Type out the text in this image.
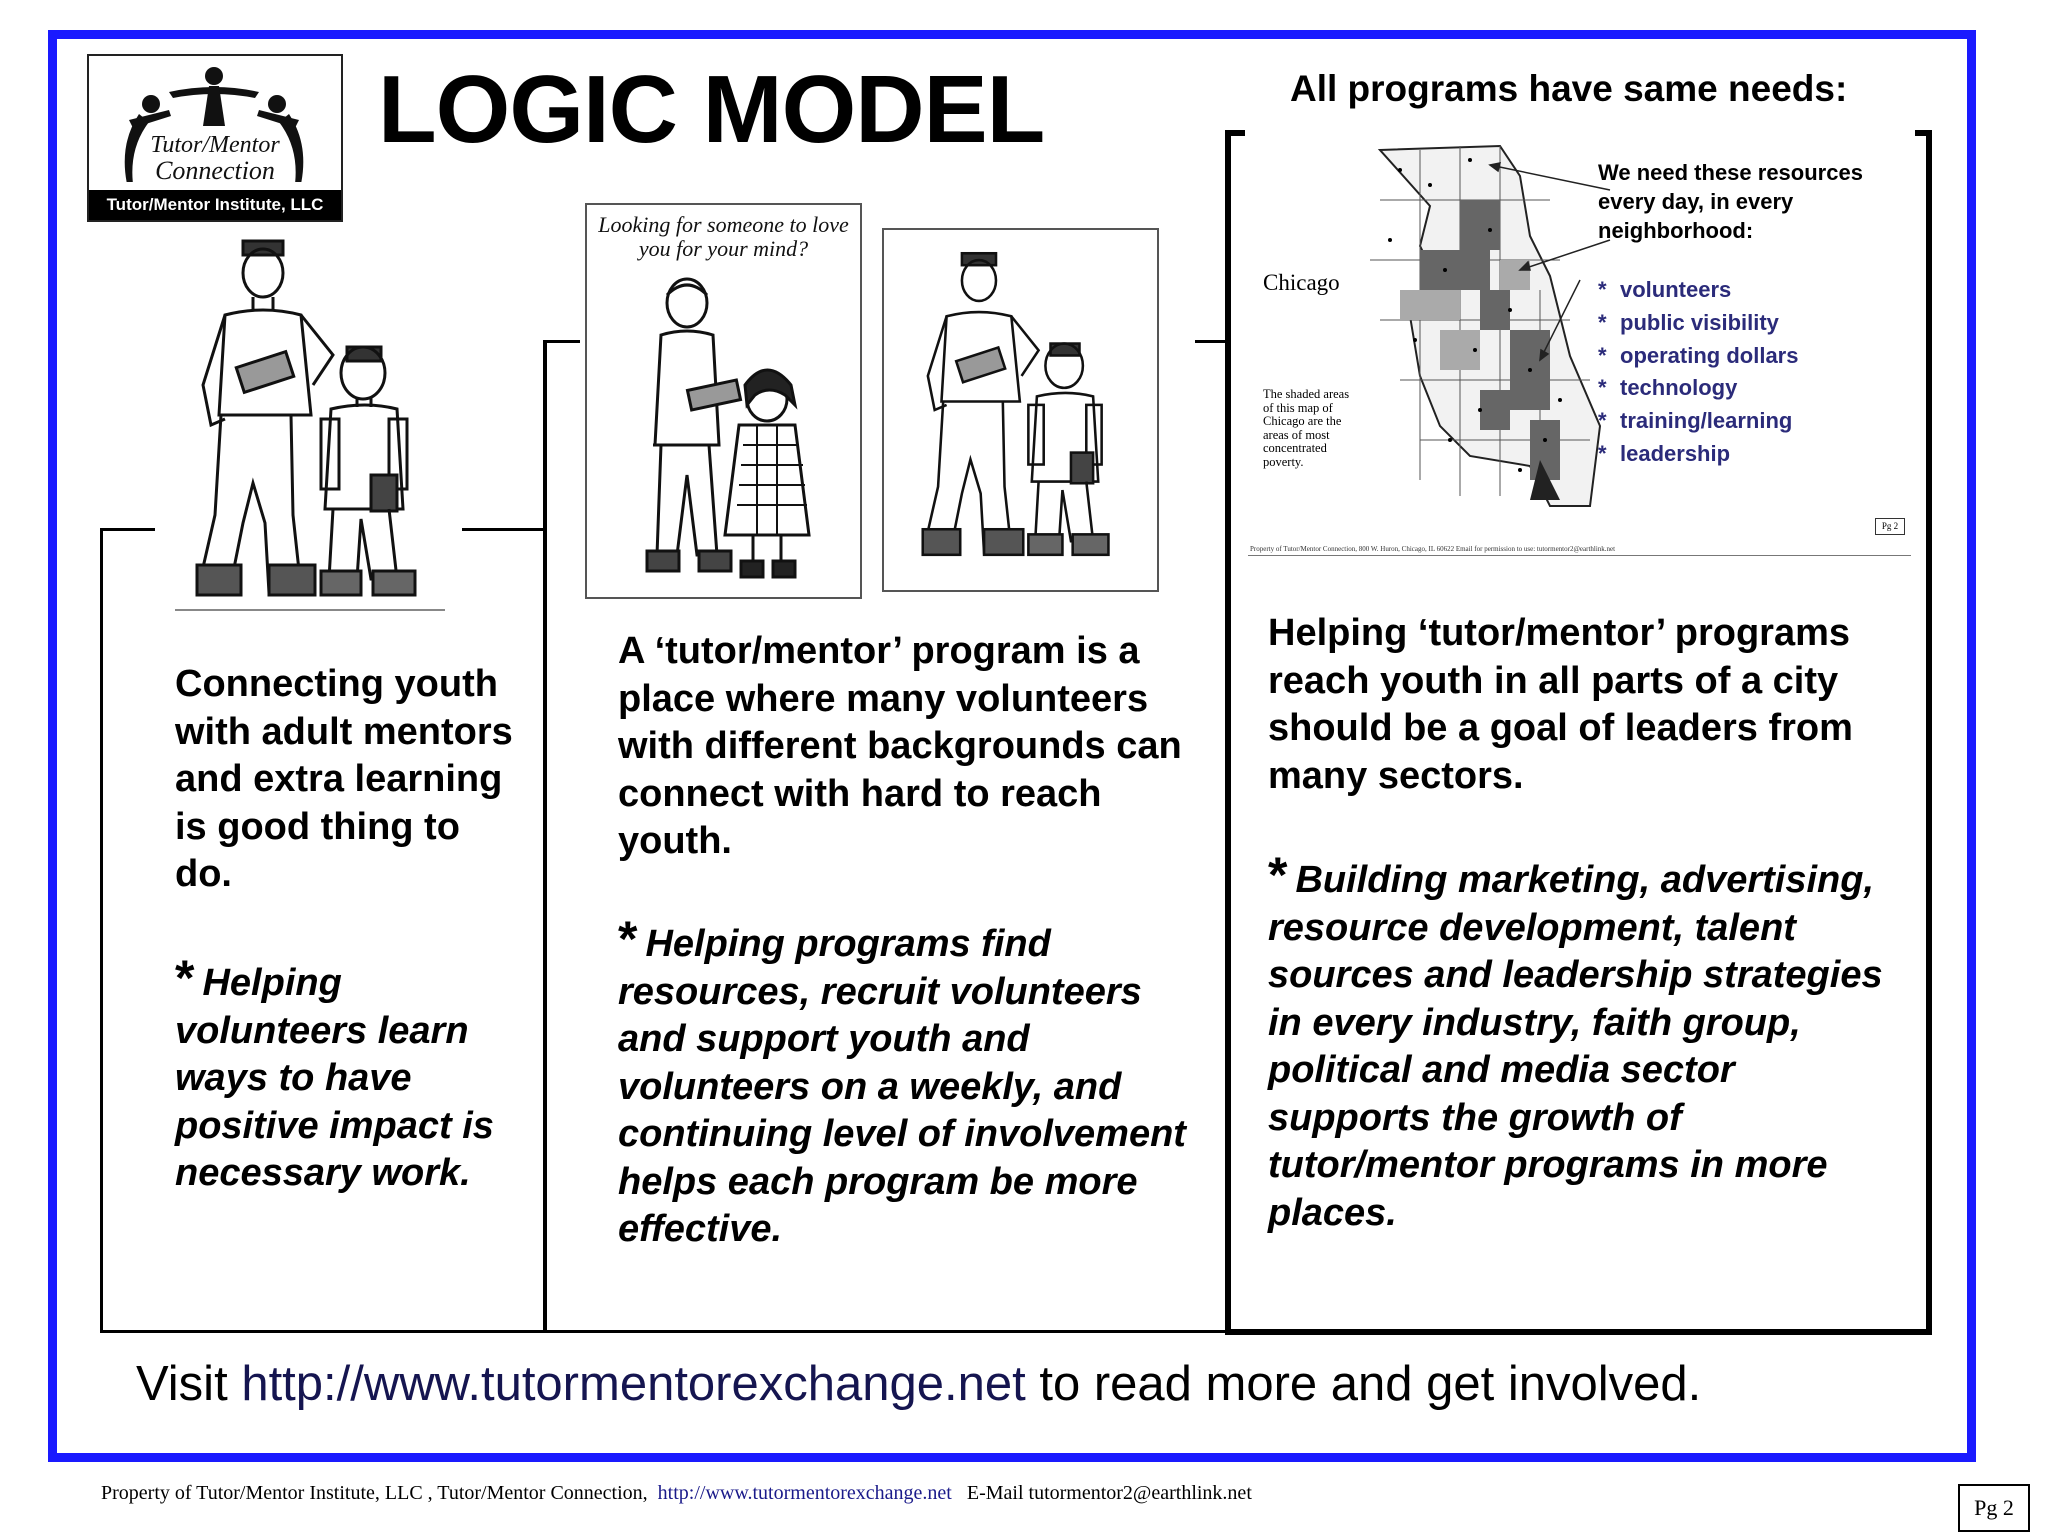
Tutor/Mentor
Connection
Tutor/Mentor Institute, LLC
LOGIC MODEL	All programs have same needs:
Connecting youth with adult mentors and extra learning is good thing to do.
* Helping volunteers learn ways to have positive impact is necessary work.
Looking for someone to love you for your mind?
A ‘tutor/mentor’ program is a place where many volunteers with different backgrounds can connect with hard to reach youth.
* Helping programs find resources, recruit volunteers and support youth and volunteers on a weekly, and continuing level of involvement helps each program be more effective.
Chicago
The shaded areas of this map of Chicago are the areas of most concentrated poverty.
We need these resources every day, in every neighborhood:
* volunteers
* public visibility
* operating dollars
* technology
* training/learning
* leadership
Pg 2
Property of Tutor/Mentor Connection, 800 W. Huron, Chicago, IL 60622 Email for permission to use: tutormentor2@earthlink.net
Helping ‘tutor/mentor’ programs reach youth in all parts of a city should be a goal of leaders from many sectors.
* Building marketing, advertising, resource development, talent sources and leadership strategies in every industry, faith group, political and media sector supports the growth of tutor/mentor programs in more places.
Visit http://www.tutormentorexchange.net to read more and get involved.
Property of Tutor/Mentor Institute, LLC , Tutor/Mentor Connection, http://www.tutormentorexchange.net E-Mail tutormentor2@earthlink.net
Pg 2
